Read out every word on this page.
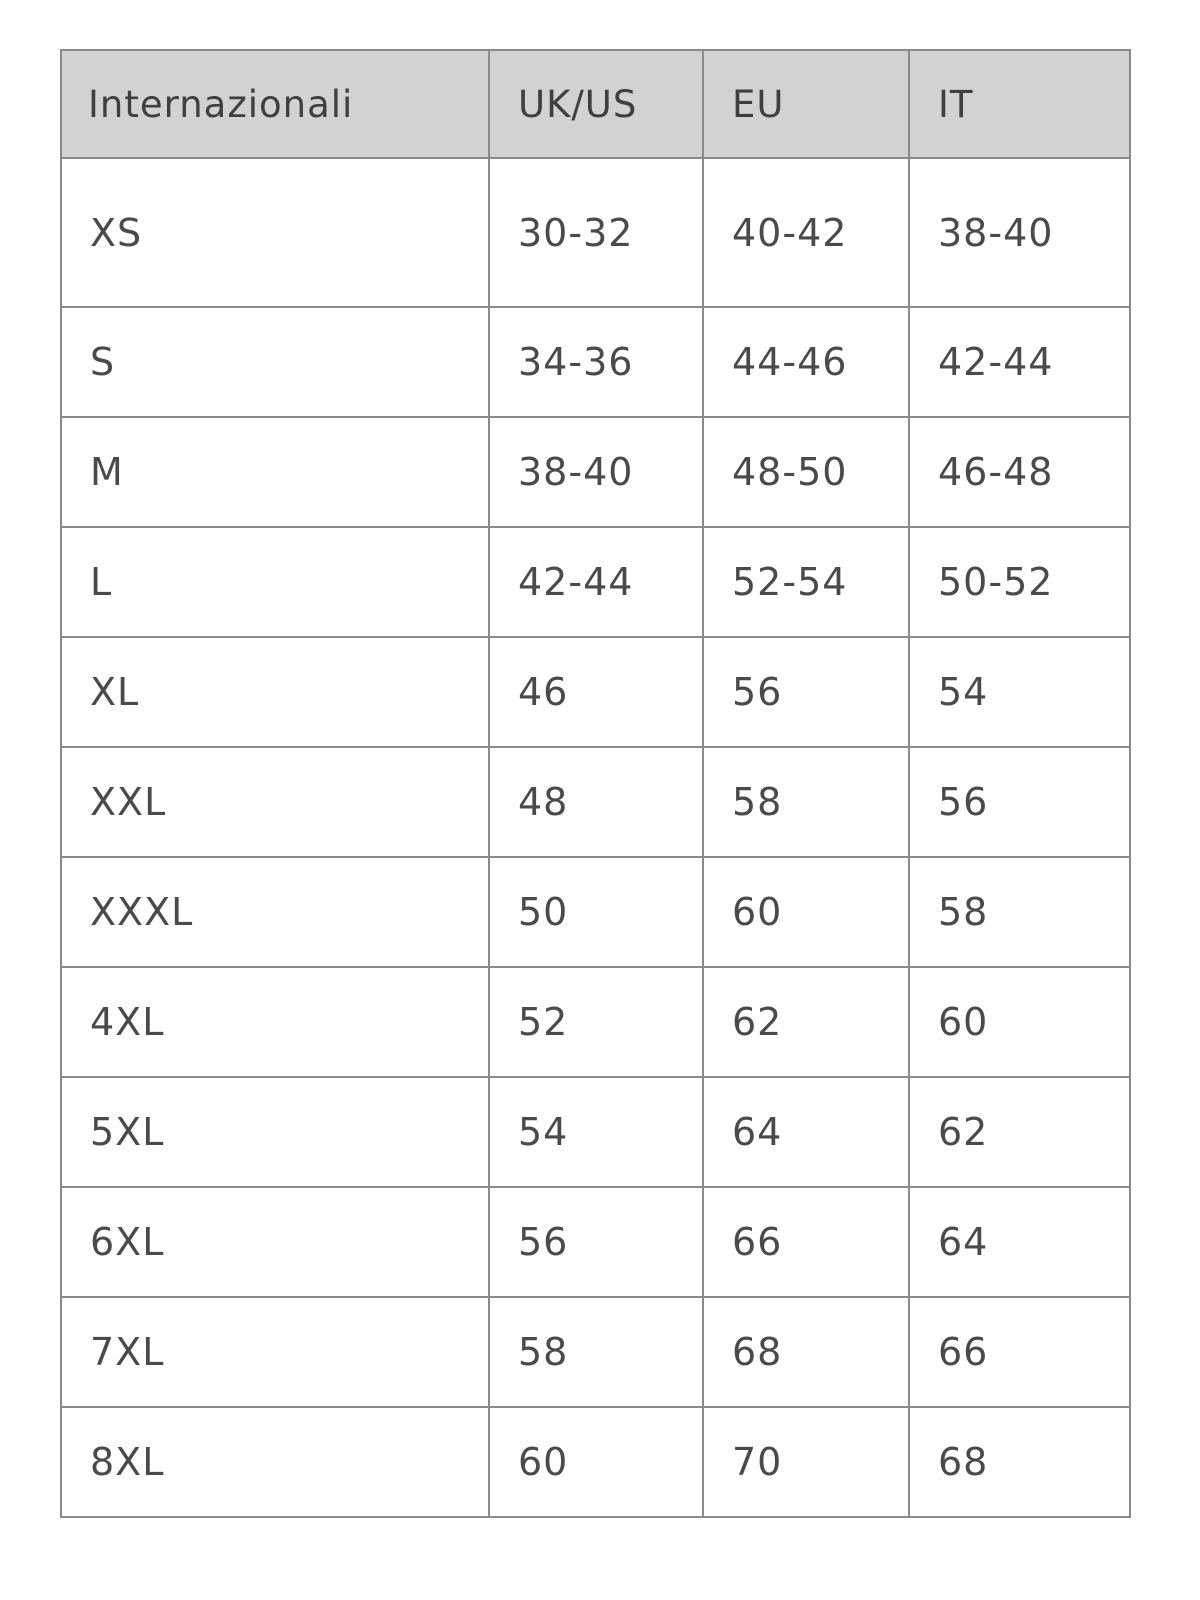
Internazionali	UK/US	EU	IT
XS	30-32	40-42	38-40
S	34-36	44-46	42-44
M	38-40	48-50	46-48
L	42-44	52-54	50-52
XL	46	56	54
XXL	48	58	56
XXXL	50	60	58
4XL	52	62	60
5XL	54	64	62
6XL	56	66	64
7XL	58	68	66
8XL	60	70	68
